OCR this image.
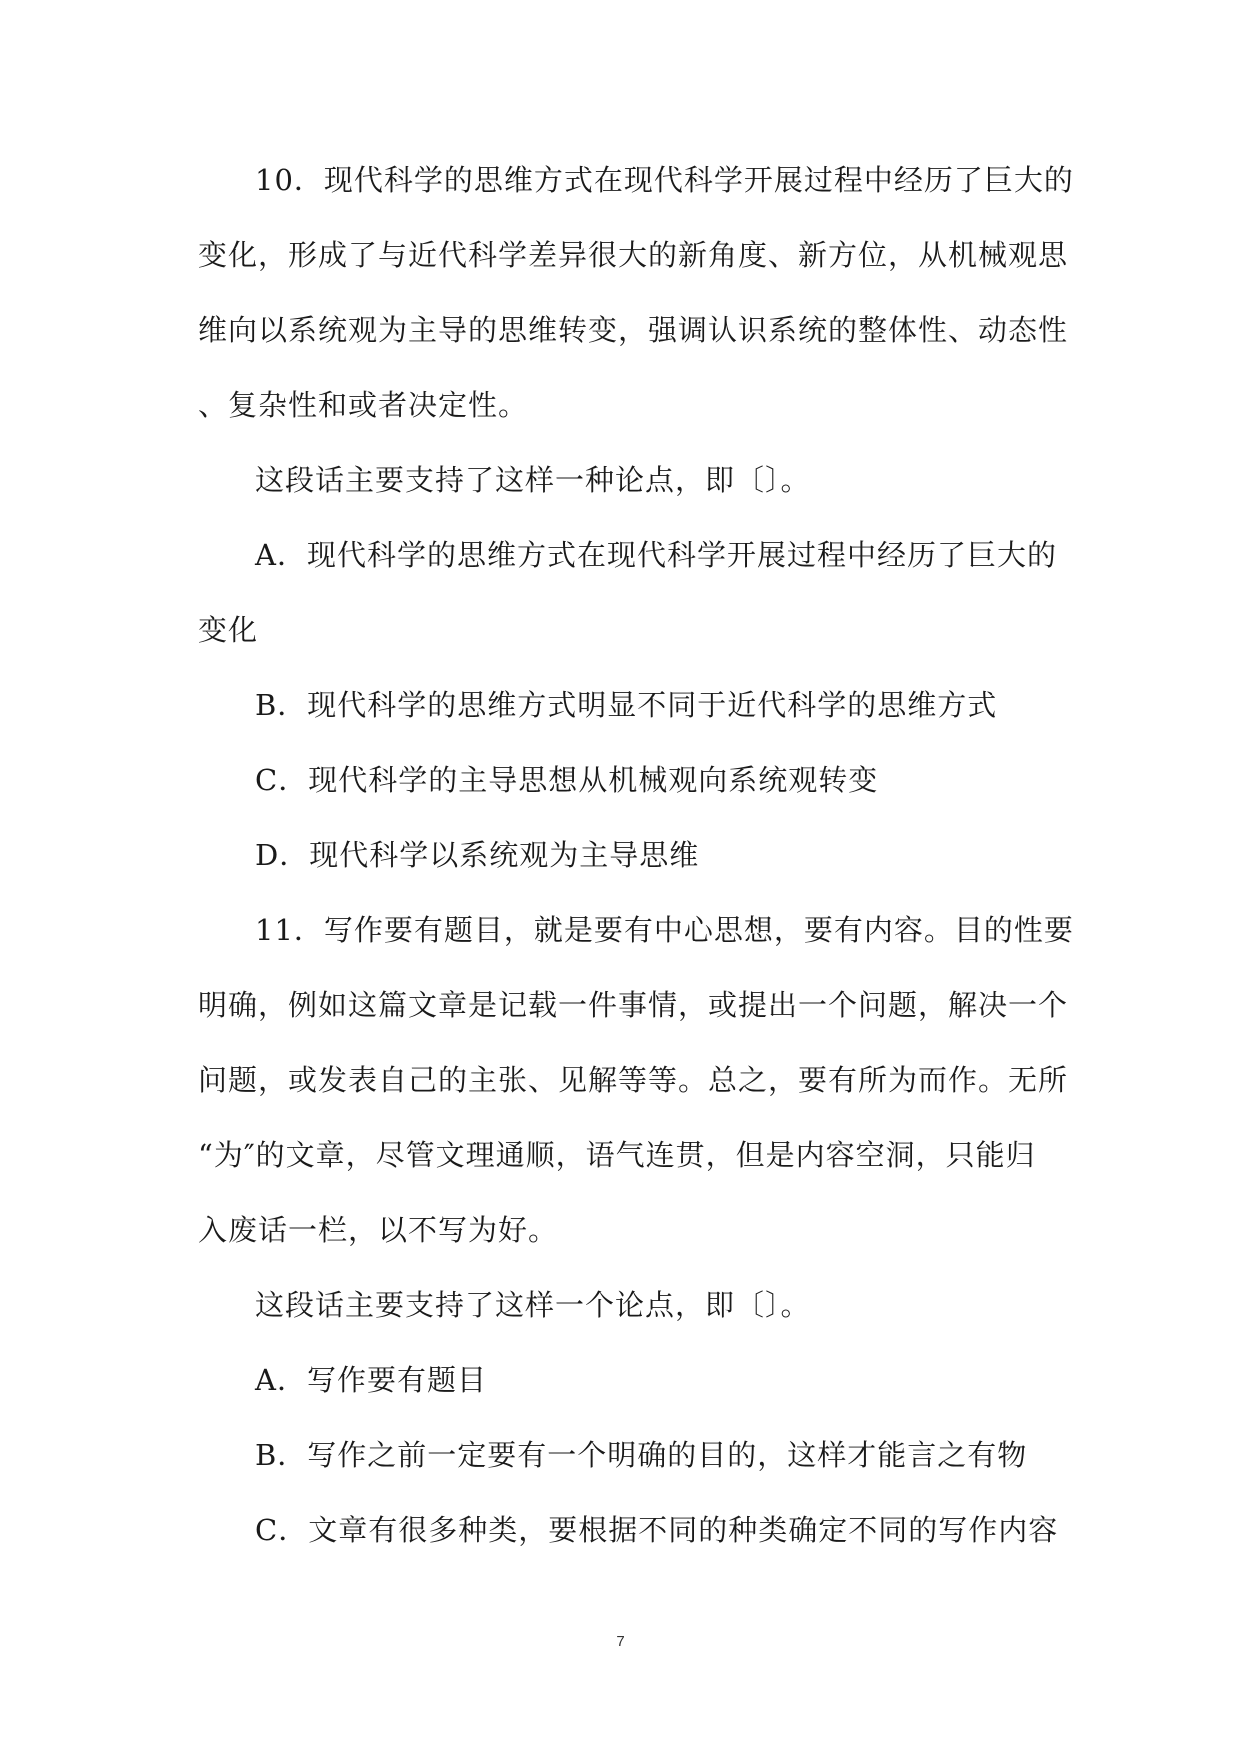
10．现代科学的思维方式在现代科学开展过程中经历了巨大的
变化，形成了与近代科学差异很大的新角度、新方位，从机械观思
维向以系统观为主导的思维转变，强调认识系统的整体性、动态性
、复杂性和或者决定性。
这段话主要支持了这样一种论点，即〔〕。
A．现代科学的思维方式在现代科学开展过程中经历了巨大的
变化
B．现代科学的思维方式明显不同于近代科学的思维方式
C．现代科学的主导思想从机械观向系统观转变
D．现代科学以系统观为主导思维
11．写作要有题目，就是要有中心思想，要有内容。目的性要
明确，例如这篇文章是记载一件事情，或提出一个问题，解决一个
问题，或发表自己的主张、见解等等。总之，要有所为而作。无所
“为″的文章，尽管文理通顺，语气连贯，但是内容空洞，只能归
入废话一栏，以不写为好。
这段话主要支持了这样一个论点，即〔〕。
A．写作要有题目
B．写作之前一定要有一个明确的目的，这样才能言之有物
C．文章有很多种类，要根据不同的种类确定不同的写作内容
7
